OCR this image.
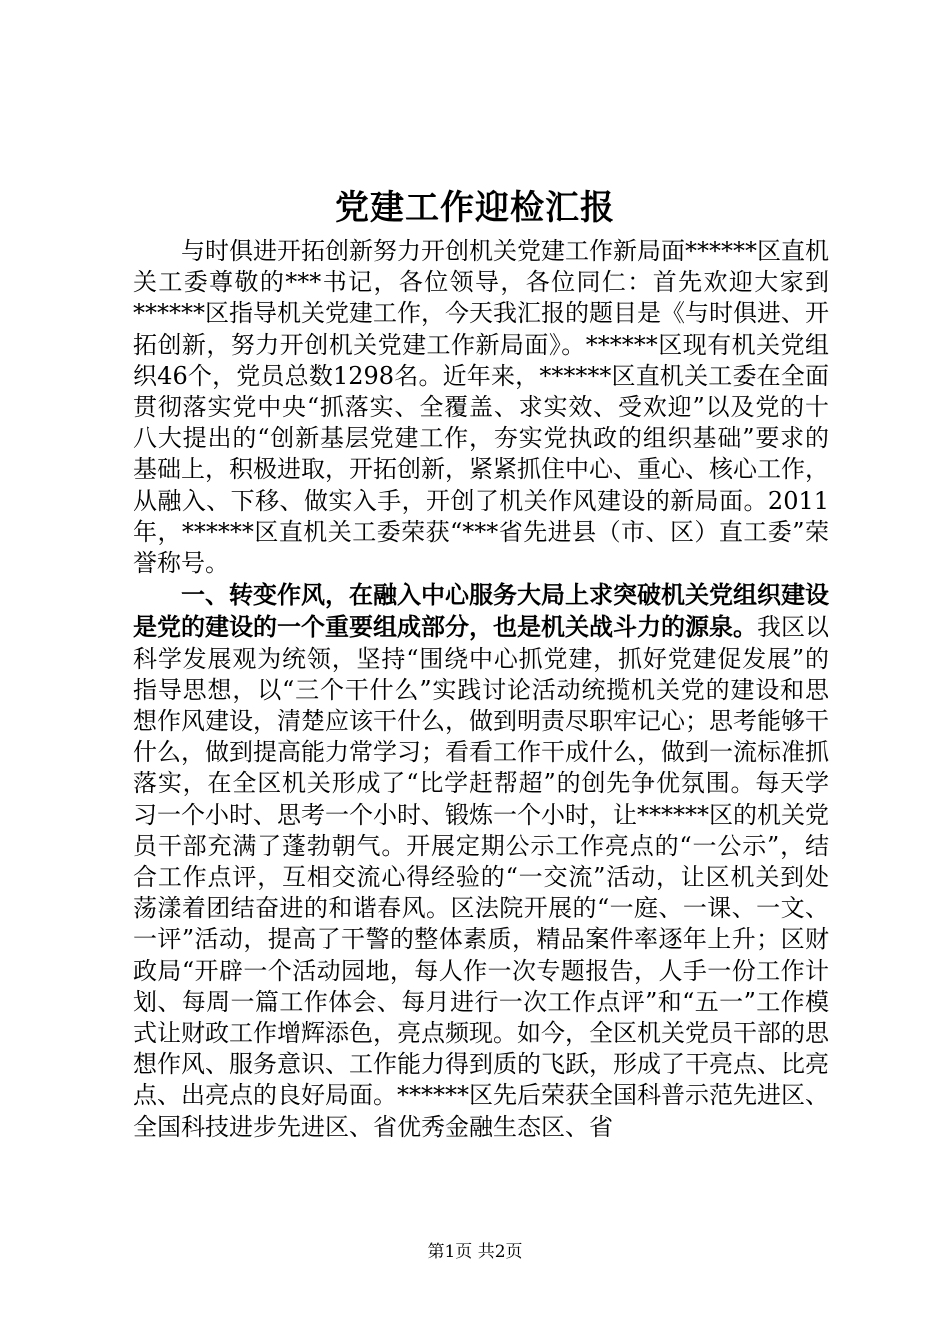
党建工作迎检汇报

与时俱进开拓创新努力开创机关党建工作新局面******区直机关工委尊敬的***书记，各位领导，各位同仁：首先欢迎大家到******区指导机关党建工作，今天我汇报的题目是《与时俱进、开拓创新，努力开创机关党建工作新局面》。******区现有机关党组织46个，党员总数1298名。近年来，******区直机关工委在全面贯彻落实党中央“抓落实、全覆盖、求实效、受欢迎”以及党的十八大提出的“创新基层党建工作，夯实党执政的组织基础”要求的基础上，积极进取，开拓创新，紧紧抓住中心、重心、核心工作，从融入、下移、做实入手，开创了机关作风建设的新局面。2011年，******区直机关工委荣获“***省先进县（市、区）直工委”荣誉称号。

一、转变作风，在融入中心服务大局上求突破机关党组织建设是党的建设的一个重要组成部分，也是机关战斗力的源泉。我区以科学发展观为统领，坚持“围绕中心抓党建，抓好党建促发展”的指导思想，以“三个干什么”实践讨论活动统揽机关党的建设和思想作风建设，清楚应该干什么，做到明责尽职牢记心；思考能够干什么，做到提高能力常学习；看看工作干成什么，做到一流标准抓落实，在全区机关形成了“比学赶帮超”的创先争优氛围。每天学习一个小时、思考一个小时、锻炼一个小时，让******区的机关党员干部充满了蓬勃朝气。开展定期公示工作亮点的“一公示”，结合工作点评，互相交流心得经验的“一交流”活动，让区机关到处荡漾着团结奋进的和谐春风。区法院开展的“一庭、一课、一文、一评”活动，提高了干警的整体素质，精品案件率逐年上升；区财政局“开辟一个活动园地，每人作一次专题报告，人手一份工作计划、每周一篇工作体会、每月进行一次工作点评”和“五一”工作模式让财政工作增辉添色，亮点频现。如今，全区机关党员干部的思想作风、服务意识、工作能力得到质的飞跃，形成了干亮点、比亮点、出亮点的良好局面。******区先后荣获全国科普示范先进区、全国科技进步先进区、省优秀金融生态区、省

第1页 共2页
